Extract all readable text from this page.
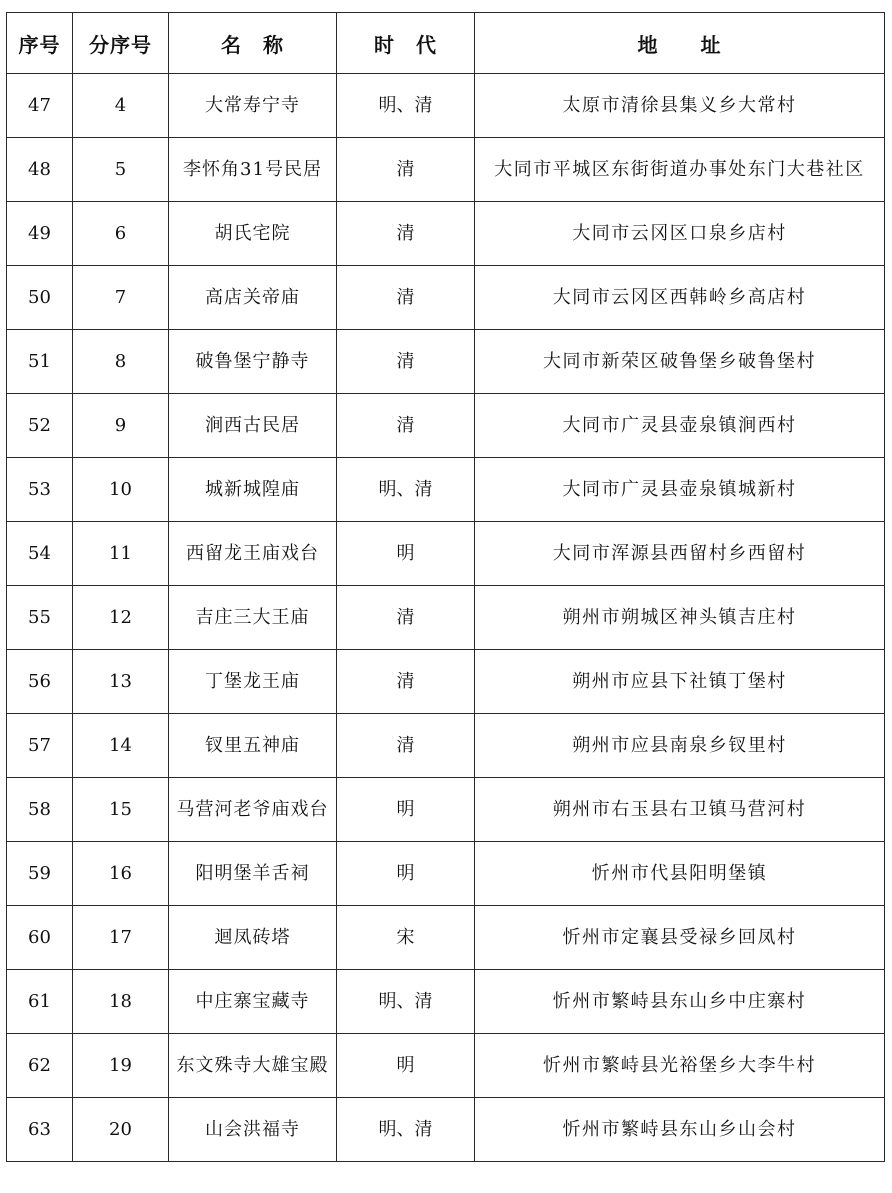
序号	分序号	名　称	时　代	地　　址
47	4	大常寿宁寺	明、清	太原市清徐县集义乡大常村
48	5	李怀角31号民居	清	大同市平城区东街街道办事处东门大巷社区
49	6	胡氏宅院	清	大同市云冈区口泉乡店村
50	7	高店关帝庙	清	大同市云冈区西韩岭乡高店村
51	8	破鲁堡宁静寺	清	大同市新荣区破鲁堡乡破鲁堡村
52	9	涧西古民居	清	大同市广灵县壶泉镇涧西村
53	10	城新城隍庙	明、清	大同市广灵县壶泉镇城新村
54	11	西留龙王庙戏台	明	大同市浑源县西留村乡西留村
55	12	吉庄三大王庙	清	朔州市朔城区神头镇吉庄村
56	13	丁堡龙王庙	清	朔州市应县下社镇丁堡村
57	14	钗里五神庙	清	朔州市应县南泉乡钗里村
58	15	马营河老爷庙戏台	明	朔州市右玉县右卫镇马营河村
59	16	阳明堡羊舌祠	明	忻州市代县阳明堡镇
60	17	迴凤砖塔	宋	忻州市定襄县受禄乡回凤村
61	18	中庄寨宝藏寺	明、清	忻州市繁峙县东山乡中庄寨村
62	19	东文殊寺大雄宝殿	明	忻州市繁峙县光裕堡乡大李牛村
63	20	山会洪福寺	明、清	忻州市繁峙县东山乡山会村
